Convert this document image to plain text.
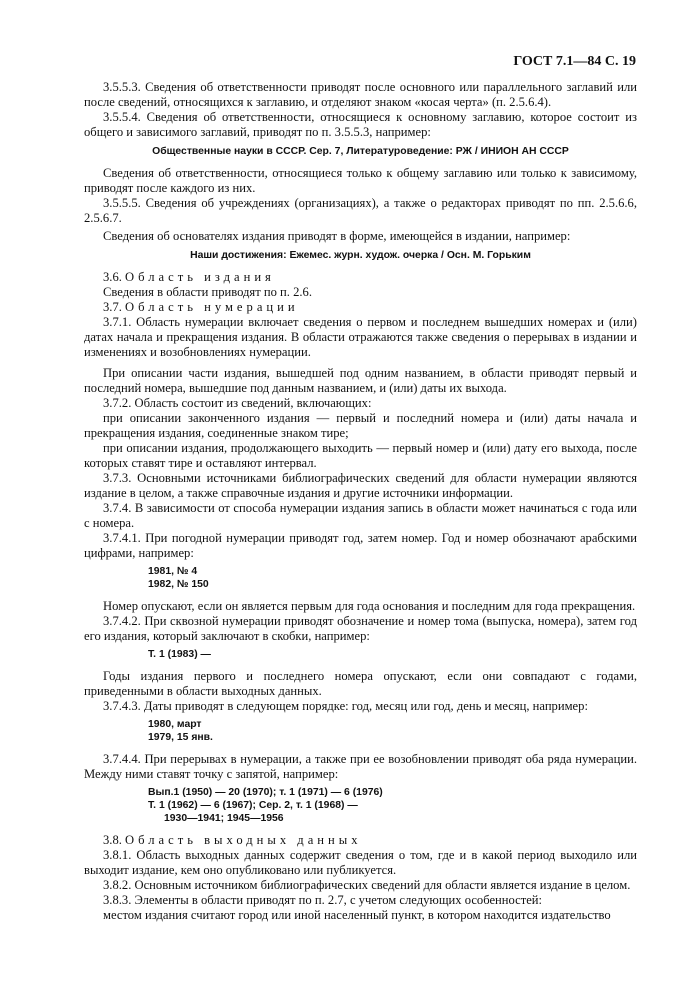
ГОСТ 7.1—84 С. 19

3.5.5.3. Сведения об ответственности приводят после основного или параллельного заглавий или после сведений, относящихся к заглавию, и отделяют знаком «косая черта» (п. 2.5.6.4).

3.5.5.4. Сведения об ответственности, относящиеся к основному заглавию, которое состоит из общего и зависимого заглавий, приводят по п. 3.5.5.3, например:

Общественные науки в СССР. Сер. 7, Литературоведение: РЖ / ИНИОН АН СССР

Сведения об ответственности, относящиеся только к общему заглавию или только к зависимому, приводят после каждого из них.

3.5.5.5. Сведения об учреждениях (организациях), а также о редакторах приводят по пп. 2.5.6.6, 2.5.6.7.

Сведения об основателях издания приводят в форме, имеющейся в издании, например:

Наши достижения: Ежемес. журн. худож. очерка / Осн. М. Горьким

3.6. Область издания

Сведения в области приводят по п. 2.6.

3.7. Область нумерации

3.7.1. Область нумерации включает сведения о первом и последнем вышедших номерах и (или) датах начала и прекращения издания. В области отражаются также сведения о перерывах в издании и изменениях и возобновлениях нумерации.

При описании части издания, вышедшей под одним названием, в области приводят первый и последний номера, вышедшие под данным названием, и (или) даты их выхода.

3.7.2. Область состоит из сведений, включающих:

при описании законченного издания — первый и последний номера и (или) даты начала и прекращения издания, соединенные знаком тире;

при описании издания, продолжающего выходить — первый номер и (или) дату его выхода, после которых ставят тире и оставляют интервал.

3.7.3. Основными источниками библиографических сведений для области нумерации являются издание в целом, а также справочные издания и другие источники информации.

3.7.4. В зависимости от способа нумерации издания запись в области может начинаться с года или с номера.

3.7.4.1. При погодной нумерации приводят год, затем номер. Год и номер обозначают арабскими цифрами, например:

1981, № 4
1982, № 150

Номер опускают, если он является первым для года основания и последним для года прекращения.

3.7.4.2. При сквозной нумерации приводят обозначение и номер тома (выпуска, номера), затем год его издания, который заключают в скобки, например:

Т. 1 (1983) —

Годы издания первого и последнего номера опускают, если они совпадают с годами, приведенными в области выходных данных.

3.7.4.3. Даты приводят в следующем порядке: год, месяц или год, день и месяц, например:

1980, март
1979, 15 янв.

3.7.4.4. При перерывах в нумерации, а также при ее возобновлении приводят оба ряда нумерации. Между ними ставят точку с запятой, например:

Вып.1 (1950) — 20 (1970); т. 1 (1971) — 6 (1976)
Т. 1 (1962) — 6 (1967); Сер. 2, т. 1 (1968) —
1930—1941; 1945—1956

3.8. Область выходных данных

3.8.1. Область выходных данных содержит сведения о том, где и в какой период выходило или выходит издание, кем оно опубликовано или публикуется.

3.8.2. Основным источником библиографических сведений для области является издание в целом.

3.8.3. Элементы в области приводят по п. 2.7, с учетом следующих особенностей:

местом издания считают город или иной населенный пункт, в котором находится издательство
